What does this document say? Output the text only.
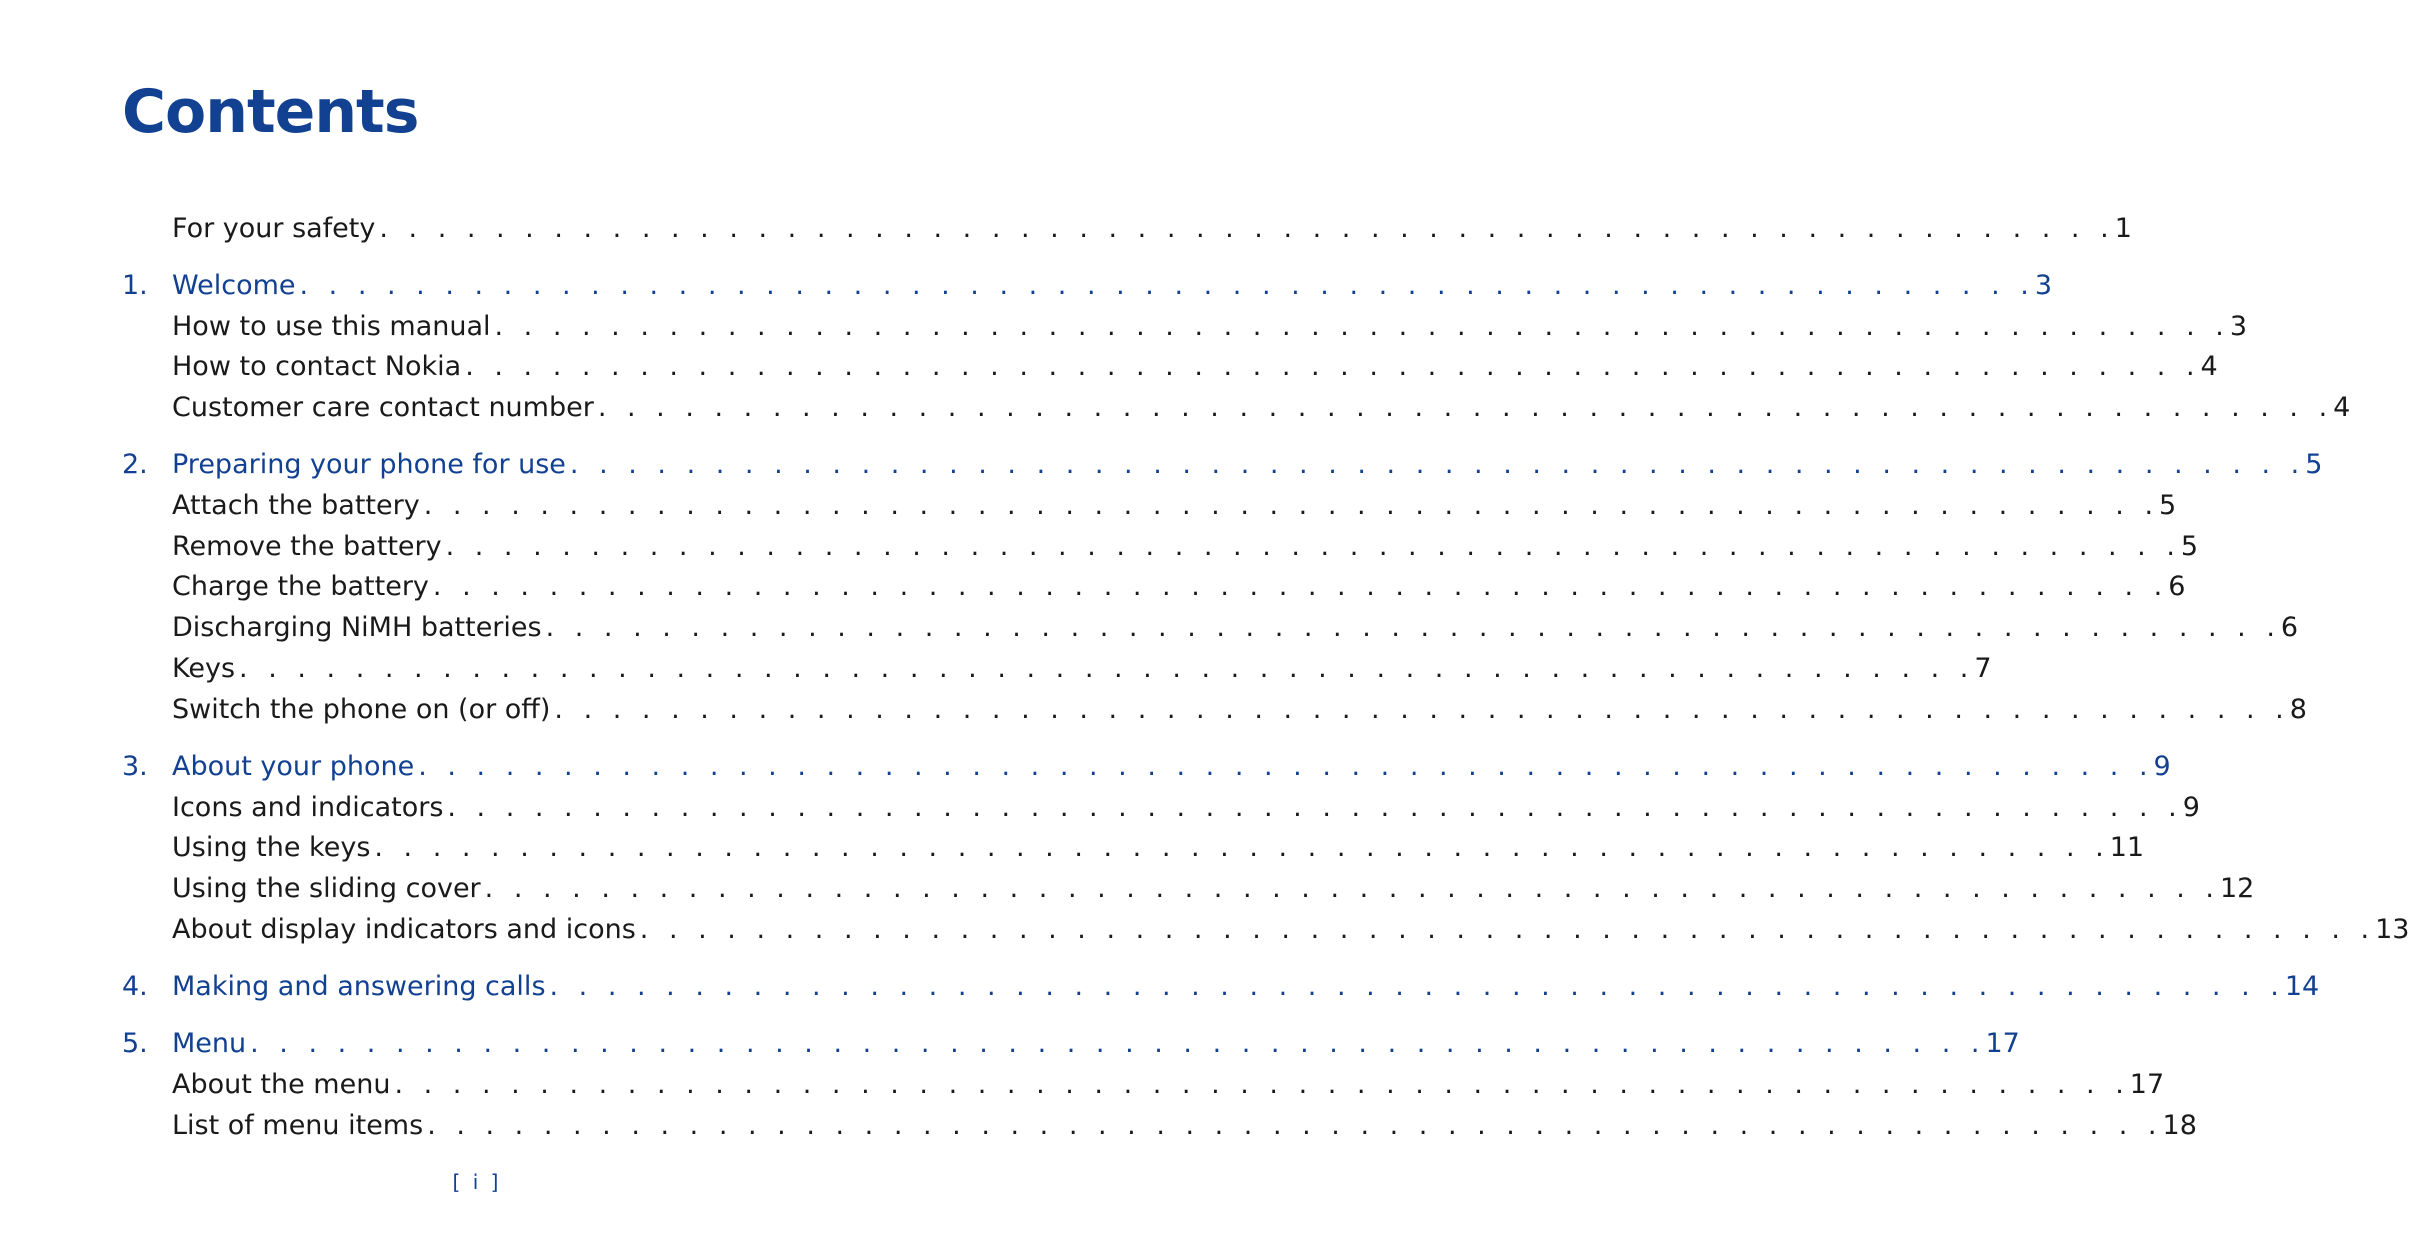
Contents
For your safety . . . . . . . . . . . . . . . . . . . . . . . . . . . . . . . . . . . . . . . . . . . . . . . . . . . . . . . . . . . . 1
1. Welcome . . . . . . . . . . . . . . . . . . . . . . . . . . . . . . . . . . . . . . . . . . . . . . . . . . . . . . . . . . . . 3
How to use this manual . . . . . . . . . . . . . . . . . . . . . . . . . . . . . . . . . . . . . . . . . . . . . . . . . . . . . . . . . . . . 3
How to contact Nokia . . . . . . . . . . . . . . . . . . . . . . . . . . . . . . . . . . . . . . . . . . . . . . . . . . . . . . . . . . . . 4
Customer care contact number . . . . . . . . . . . . . . . . . . . . . . . . . . . . . . . . . . . . . . . . . . . . . . . . . . . . . . . . . . . . 4
2. Preparing your phone for use . . . . . . . . . . . . . . . . . . . . . . . . . . . . . . . . . . . . . . . . . . . . . . . . . . . . . . . . . . . . 5
Attach the battery . . . . . . . . . . . . . . . . . . . . . . . . . . . . . . . . . . . . . . . . . . . . . . . . . . . . . . . . . . . . 5
Remove the battery . . . . . . . . . . . . . . . . . . . . . . . . . . . . . . . . . . . . . . . . . . . . . . . . . . . . . . . . . . . . 5
Charge the battery . . . . . . . . . . . . . . . . . . . . . . . . . . . . . . . . . . . . . . . . . . . . . . . . . . . . . . . . . . . . 6
Discharging NiMH batteries . . . . . . . . . . . . . . . . . . . . . . . . . . . . . . . . . . . . . . . . . . . . . . . . . . . . . . . . . . . . 6
Keys . . . . . . . . . . . . . . . . . . . . . . . . . . . . . . . . . . . . . . . . . . . . . . . . . . . . . . . . . . . . 7
Switch the phone on (or off) . . . . . . . . . . . . . . . . . . . . . . . . . . . . . . . . . . . . . . . . . . . . . . . . . . . . . . . . . . . . 8
3. About your phone . . . . . . . . . . . . . . . . . . . . . . . . . . . . . . . . . . . . . . . . . . . . . . . . . . . . . . . . . . . . 9
Icons and indicators . . . . . . . . . . . . . . . . . . . . . . . . . . . . . . . . . . . . . . . . . . . . . . . . . . . . . . . . . . . . 9
Using the keys . . . . . . . . . . . . . . . . . . . . . . . . . . . . . . . . . . . . . . . . . . . . . . . . . . . . . . . . . . . . 11
Using the sliding cover . . . . . . . . . . . . . . . . . . . . . . . . . . . . . . . . . . . . . . . . . . . . . . . . . . . . . . . . . . . . 12
About display indicators and icons . . . . . . . . . . . . . . . . . . . . . . . . . . . . . . . . . . . . . . . . . . . . . . . . . . . . . . . . . . . . 13
4. Making and answering calls . . . . . . . . . . . . . . . . . . . . . . . . . . . . . . . . . . . . . . . . . . . . . . . . . . . . . . . . . . . . 14
5. Menu . . . . . . . . . . . . . . . . . . . . . . . . . . . . . . . . . . . . . . . . . . . . . . . . . . . . . . . . . . . . 17
About the menu . . . . . . . . . . . . . . . . . . . . . . . . . . . . . . . . . . . . . . . . . . . . . . . . . . . . . . . . . . . . 17
List of menu items . . . . . . . . . . . . . . . . . . . . . . . . . . . . . . . . . . . . . . . . . . . . . . . . . . . . . . . . . . . . 18
[ i ]
